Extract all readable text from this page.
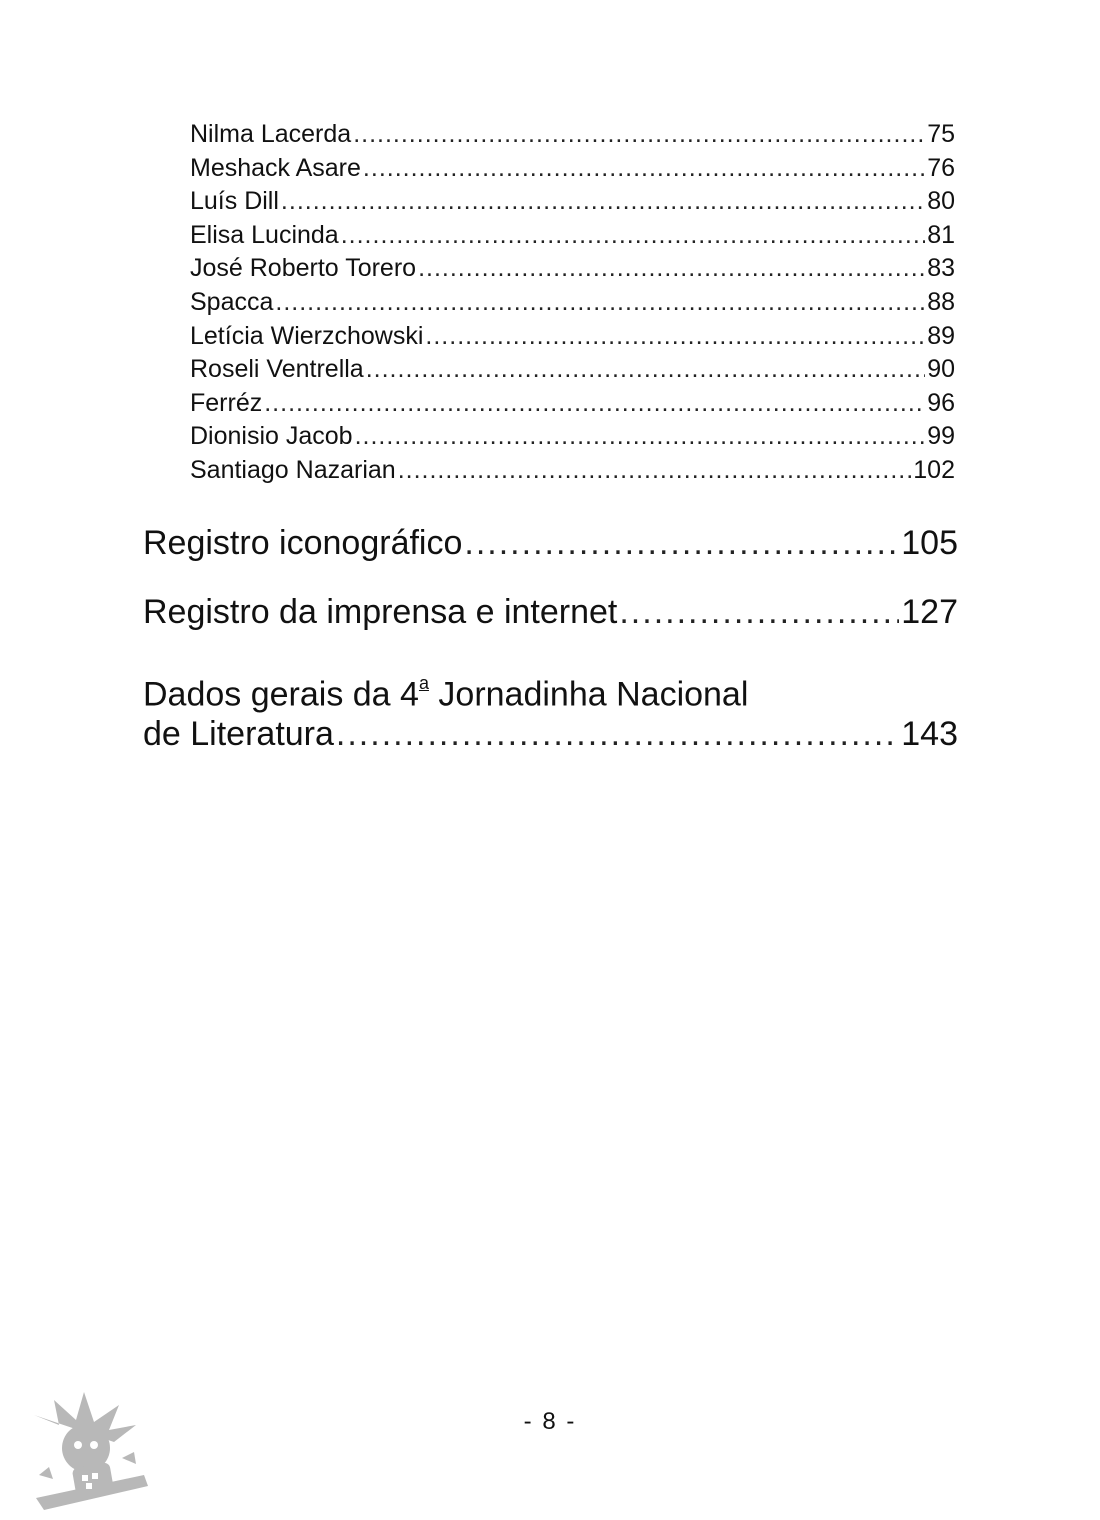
Nilma Lacerda .....	75
Meshack Asare .....	76
Luís Dill .....	80
Elisa Lucinda .....	81
José Roberto Torero .....	83
Spacca .....	88
Letícia Wierzchowski .....	89
Roseli Ventrella .....	90
Ferréz .....	96
Dionisio Jacob .....	99
Santiago Nazarian .....	102
Registro iconográfico .....	105
Registro da imprensa e internet .....	127
Dados gerais da 4$^a$ Jornadinha Nacional
de Literatura .....	143
- 8 -
